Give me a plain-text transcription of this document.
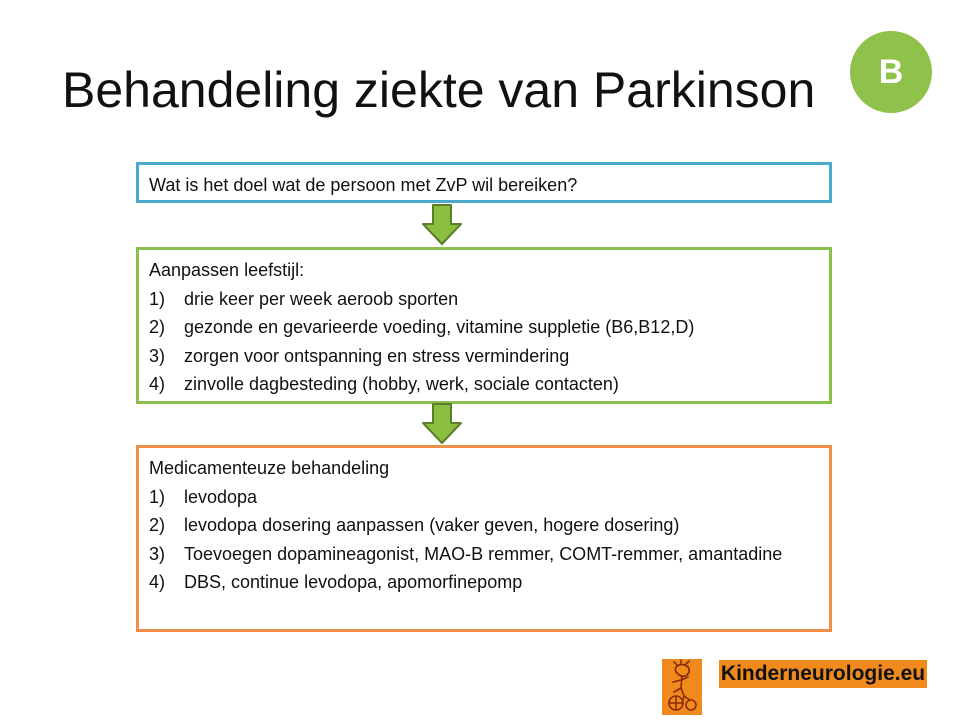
Behandeling ziekte van Parkinson	B
Wat is het doel wat de persoon met ZvP wil bereiken?
Aanpassen leefstijl:
1)	drie keer per week aeroob sporten
2)	gezonde en gevarieerde voeding, vitamine suppletie (B6,B12,D)
3)	zorgen voor ontspanning en stress vermindering
4)	zinvolle dagbesteding (hobby, werk, sociale contacten)
Medicamenteuze behandeling
1)	levodopa
2)	levodopa dosering aanpassen (vaker geven, hogere dosering)
3)	Toevoegen dopamineagonist, MAO-B remmer, COMT-remmer, amantadine
4)	DBS, continue levodopa, apomorfinepomp
Kinderneurologie.eu
